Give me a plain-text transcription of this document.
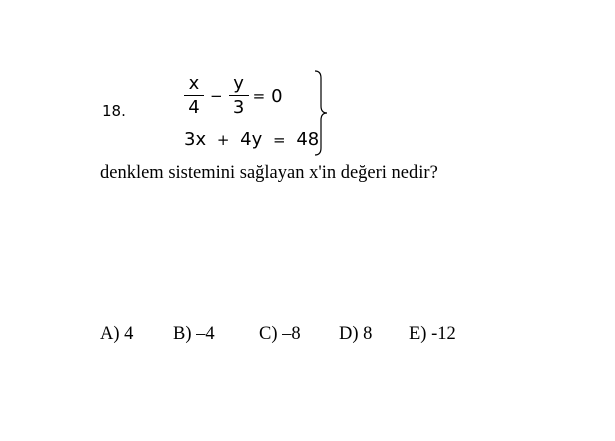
18.	$\frac{x}{4} - \frac{y}{3} = 0$
3x + 4y = 48
denklem sistemini sağlayan x'in değeri nedir?
A) 4	B) –4	C) –8	D) 8	E) -12
